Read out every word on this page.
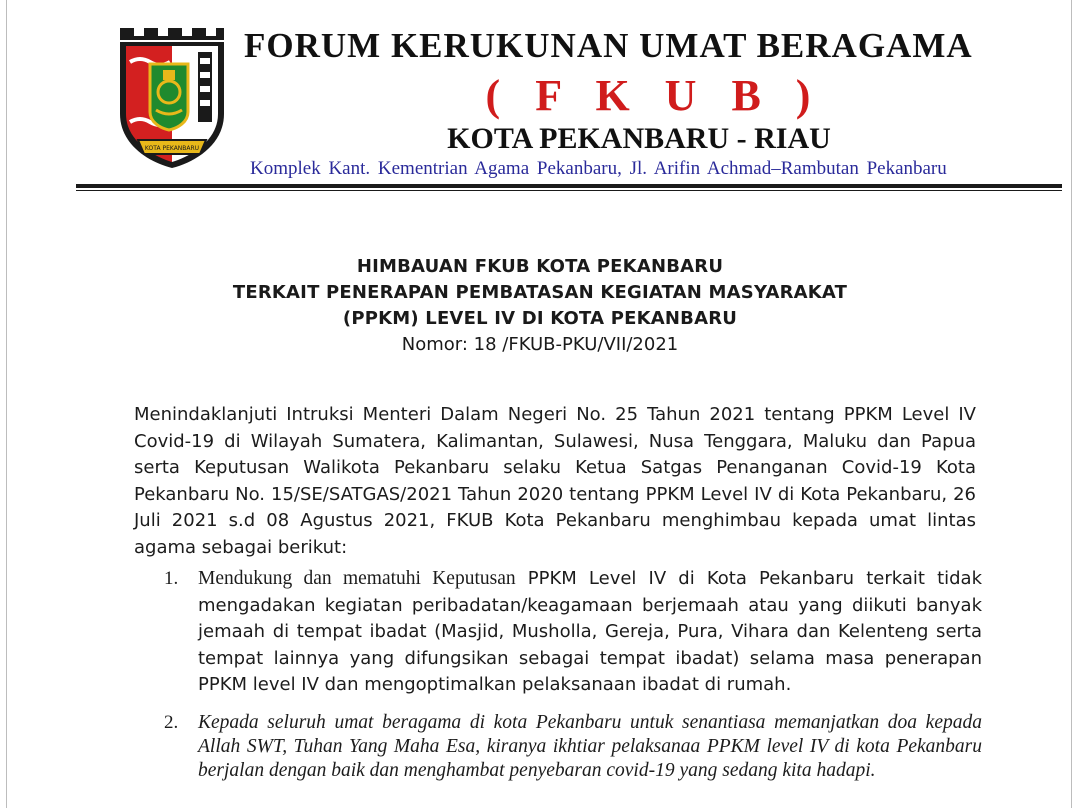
KOTA PEKANBARU
FORUM KERUKUNAN UMAT BERAGAMA
( F K U B )
KOTA PEKANBARU - RIAU
Komplek Kant. Kementrian Agama Pekanbaru, Jl. Arifin Achmad–Rambutan Pekanbaru
HIMBAUAN FKUB KOTA PEKANBARU
TERKAIT PENERAPAN PEMBATASAN KEGIATAN MASYARAKAT
(PPKM) LEVEL IV DI KOTA PEKANBARU
Nomor: 18 /FKUB-PKU/VII/2021
Menindaklanjuti Intruksi Menteri Dalam Negeri No. 25 Tahun 2021 tentang PPKM Level IV Covid-19 di Wilayah Sumatera, Kalimantan, Sulawesi, Nusa Tenggara, Maluku dan Papua serta Keputusan Walikota Pekanbaru selaku Ketua Satgas Penanganan Covid-19 Kota Pekanbaru No. 15/SE/SATGAS/2021 Tahun 2020 tentang PPKM Level IV di Kota Pekanbaru, 26 Juli 2021 s.d 08 Agustus 2021, FKUB Kota Pekanbaru menghimbau kepada umat lintas agama sebagai berikut:
1. Mendukung dan mematuhi Keputusan PPKM Level IV di Kota Pekanbaru terkait tidak mengadakan kegiatan peribadatan/keagamaan berjemaah atau yang diikuti banyak jemaah di tempat ibadat (Masjid, Musholla, Gereja, Pura, Vihara dan Kelenteng serta tempat lainnya yang difungsikan sebagai tempat ibadat) selama masa penerapan PPKM level IV dan mengoptimalkan pelaksanaan ibadat di rumah.
2. Kepada seluruh umat beragama di kota Pekanbaru untuk senantiasa memanjatkan doa kepada Allah SWT, Tuhan Yang Maha Esa, kiranya ikhtiar pelaksanaa PPKM level IV di kota Pekanbaru berjalan dengan baik dan menghambat penyebaran covid-19 yang sedang kita hadapi.
